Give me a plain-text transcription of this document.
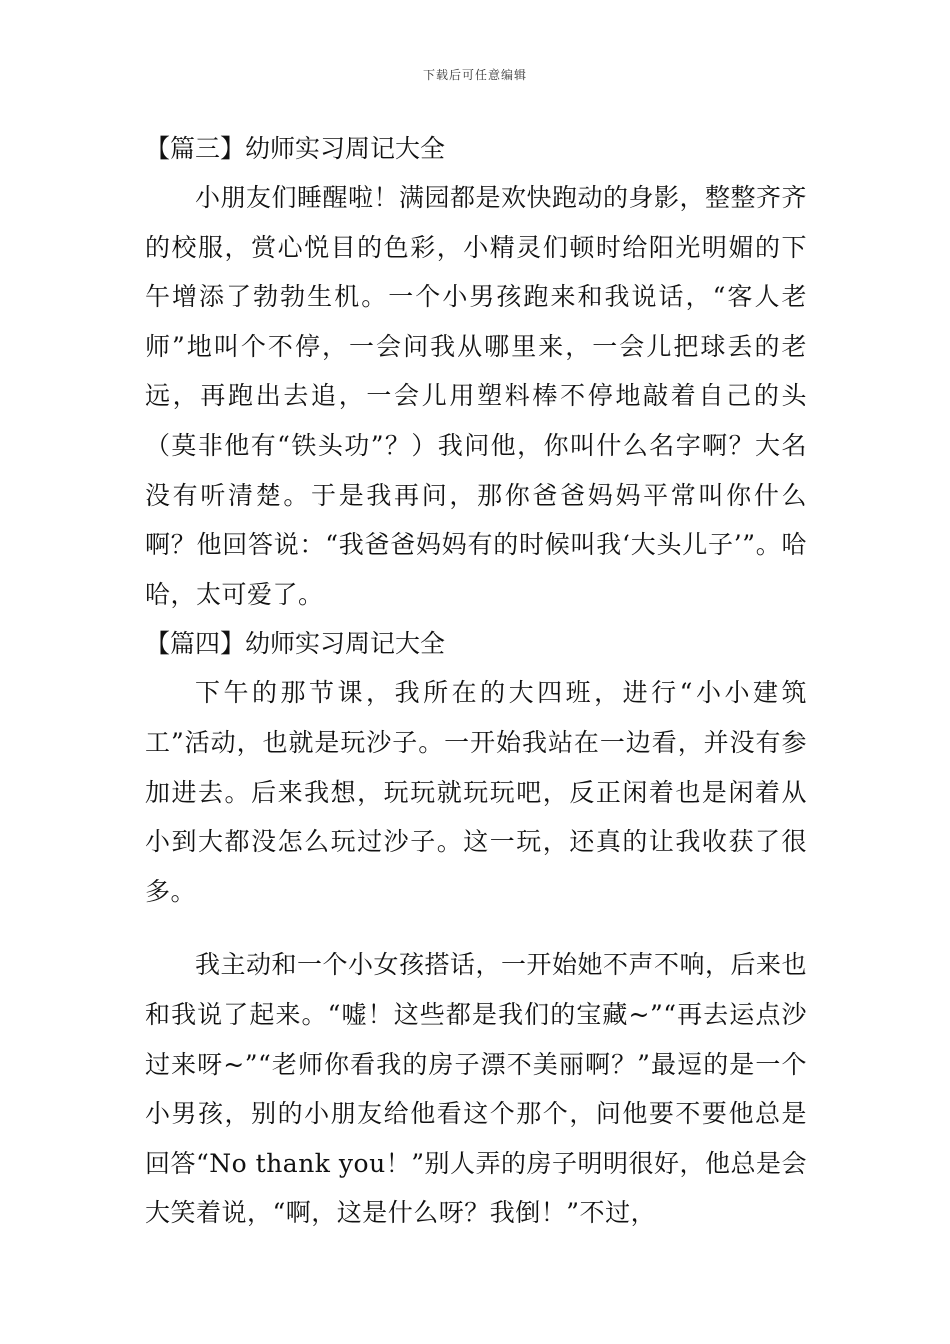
下载后可任意编辑
【篇三】幼师实习周记大全

小朋友们睡醒啦！满园都是欢快跑动的身影，整整齐齐的校服，赏心悦目的色彩，小精灵们顿时给阳光明媚的下午增添了勃勃生机。一个小男孩跑来和我说话，“客人老师”地叫个不停，一会问我从哪里来，一会儿把球丢的老远，再跑出去追，一会儿用塑料棒不停地敲着自己的头（莫非他有“铁头功”？）我问他，你叫什么名字啊？大名没有听清楚。于是我再问，那你爸爸妈妈平常叫你什么啊？他回答说：“我爸爸妈妈有的时候叫我‘大头儿子’”。哈哈，太可爱了。

【篇四】幼师实习周记大全

下午的那节课，我所在的大四班，进行“小小建筑工”活动，也就是玩沙子。一开始我站在一边看，并没有参加进去。后来我想，玩玩就玩玩吧，反正闲着也是闲着从小到大都没怎么玩过沙子。这一玩，还真的让我收获了很多。

我主动和一个小女孩搭话，一开始她不声不响，后来也和我说了起来。“嘘！这些都是我们的宝藏~”“再去运点沙过来呀~”“老师你看我的房子漂不美丽啊？”最逗的是一个小男孩，别的小朋友给他看这个那个，问他要不要他总是回答“No thank you！”别人弄的房子明明很好，他总是会大笑着说，“啊，这是什么呀？我倒！”不过，
